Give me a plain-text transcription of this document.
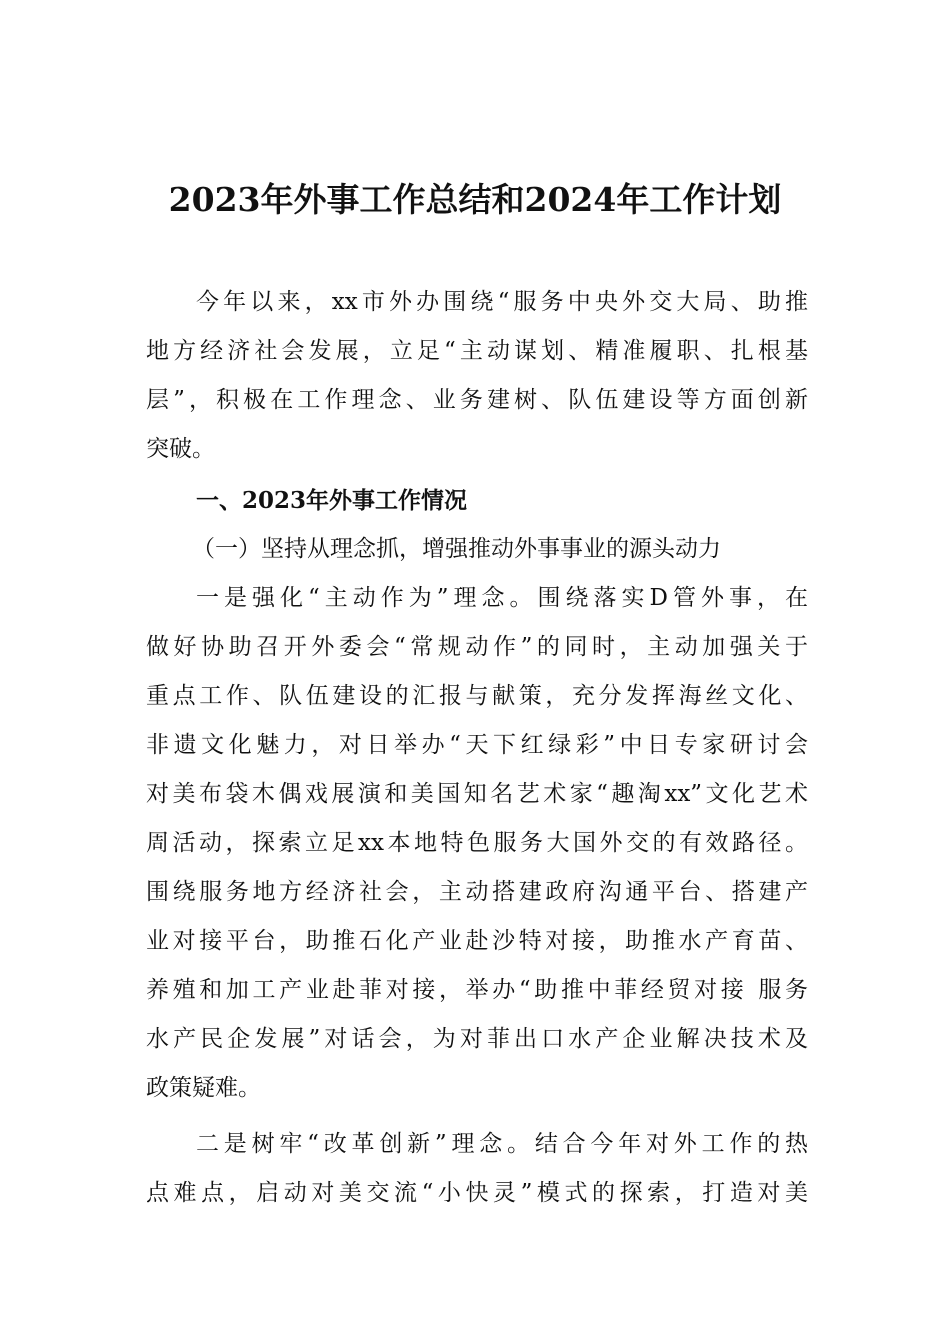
2023年外事工作总结和2024年工作计划
今年以来，xx市外办围绕“服务中央外交大局、助推
地方经济社会发展，立足“主动谋划、精准履职、扎根基
层”，积极在工作理念、业务建树、队伍建设等方面创新
突破。
一、2023年外事工作情况
（一）坚持从理念抓，增强推动外事事业的源头动力
一是强化“主动作为”理念。围绕落实D管外事，在
做好协助召开外委会“常规动作”的同时，主动加强关于
重点工作、队伍建设的汇报与献策，充分发挥海丝文化、
非遗文化魅力，对日举办“天下红绿彩”中日专家研讨会
对美布袋木偶戏展演和美国知名艺术家“趣淘xx”文化艺术
周活动，探索立足xx本地特色服务大国外交的有效路径。
围绕服务地方经济社会，主动搭建政府沟通平台、搭建产
业对接平台，助推石化产业赴沙特对接，助推水产育苗、
养殖和加工产业赴菲对接，举办“助推中菲经贸对接 服务
水产民企发展”对话会，为对菲出口水产企业解决技术及
政策疑难。
二是树牢“改革创新”理念。结合今年对外工作的热
点难点，启动对美交流“小快灵”模式的探索，打造对美
